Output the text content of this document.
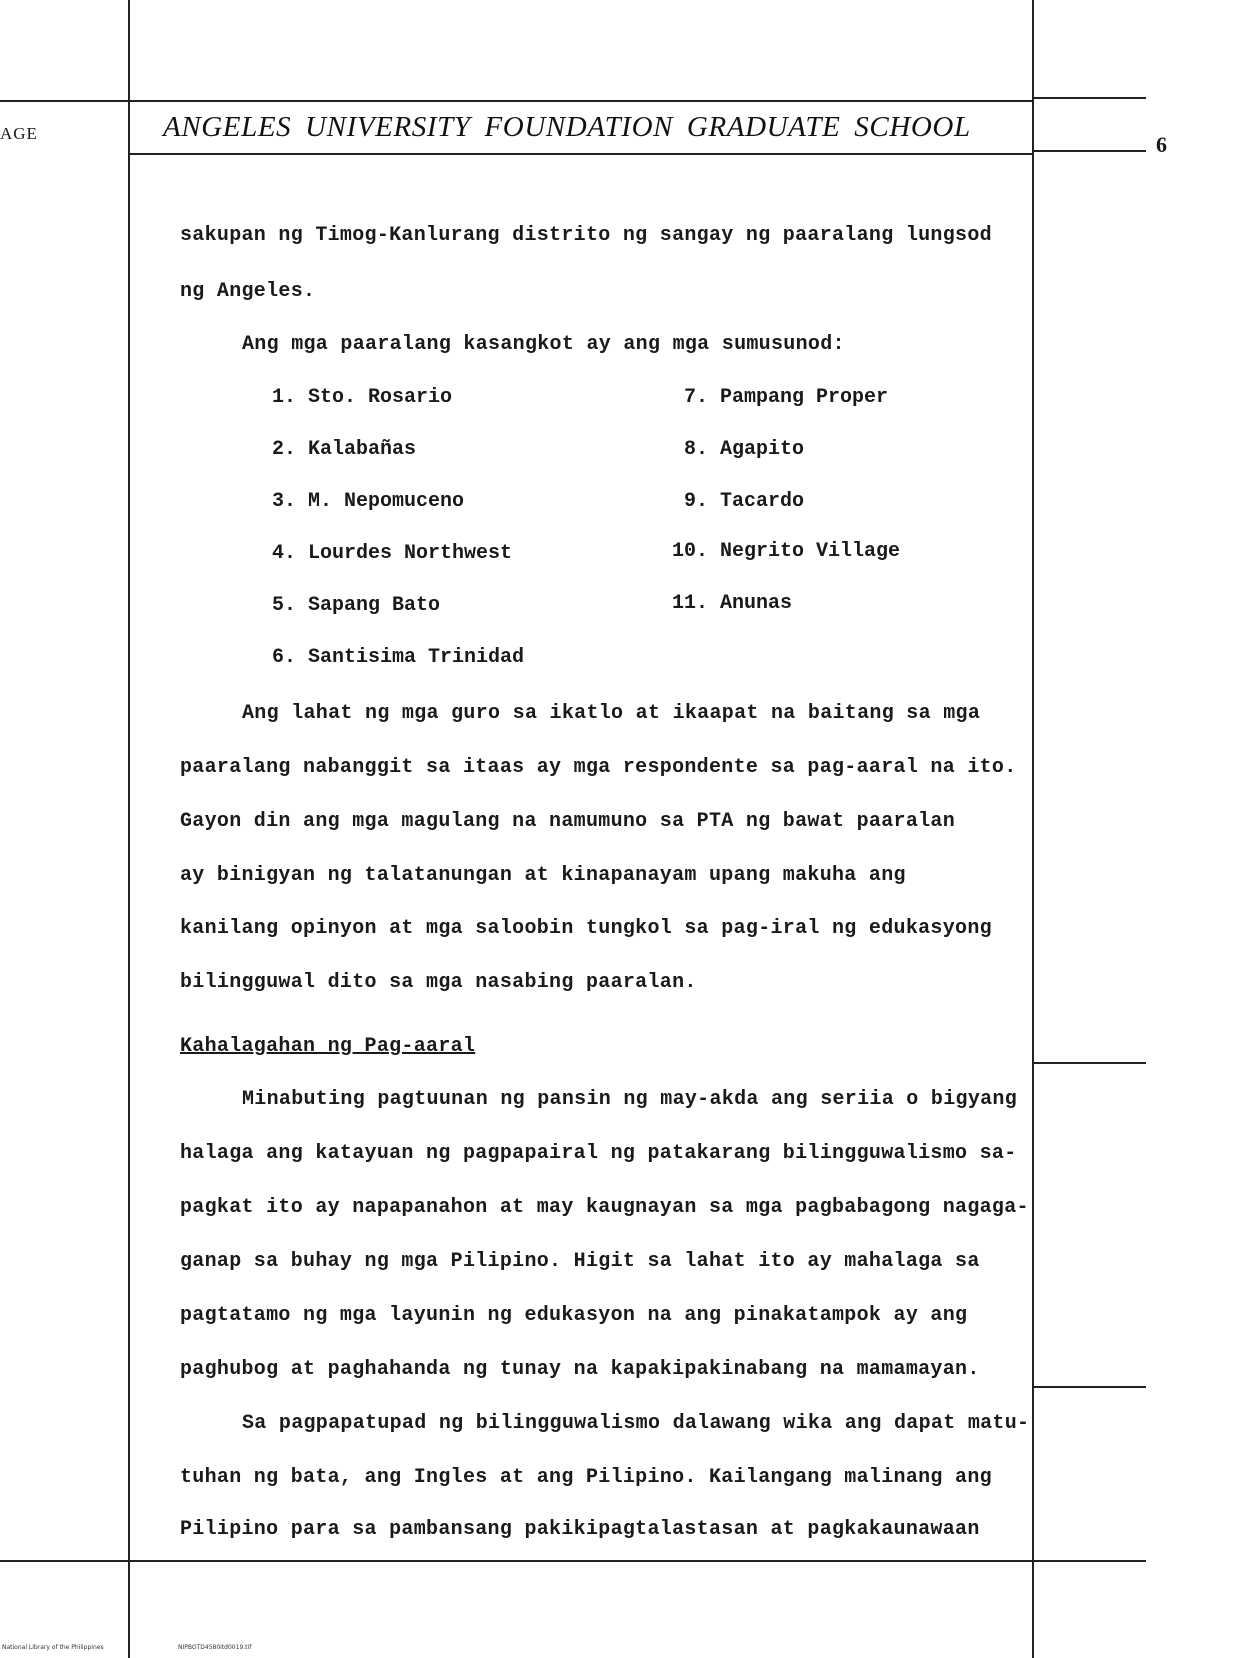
AGE	ANGELES UNIVERSITY FOUNDATION GRADUATE SCHOOL
6
sakupan ng Timog-Kanlurang distrito ng sangay ng paaralang lungsod
ng Angeles.
Ang mga paaralang kasangkot ay ang mga sumusunod:
1. Sto. Rosario
2. Kalabañas
3. M. Nepomuceno
4. Lourdes Northwest
5. Sapang Bato
6. Santisima Trinidad
7. Pampang Proper
8. Agapito
9. Tacardo
10. Negrito Village
11. Anunas
Ang lahat ng mga guro sa ikatlo at ikaapat na baitang sa mga
paaralang nabanggit sa itaas ay mga respondente sa pag-aaral na ito.
Gayon din ang mga magulang na namumuno sa PTA ng bawat paaralan
ay binigyan ng talatanungan at kinapanayam upang makuha ang
kanilang opinyon at mga saloobin tungkol sa pag-iral ng edukasyong
bilingguwal dito sa mga nasabing paaralan.
Kahalagahan ng Pag-aaral
Minabuting pagtuunan ng pansin ng may-akda ang seriia o bigyang
halaga ang katayuan ng pagpapairal ng patakarang bilingguwalismo sa-
pagkat ito ay napapanahon at may kaugnayan sa mga pagbabagong nagaga-
ganap sa buhay ng mga Pilipino. Higit sa lahat ito ay mahalaga sa
pagtatamo ng mga layunin ng edukasyon na ang pinakatampok ay ang
paghubog at paghahanda ng tunay na kapakipakinabang na mamamayan.
Sa pagpapatupad ng bilingguwalismo dalawang wika ang dapat matu-
tuhan ng bata, ang Ingles at ang Pilipino. Kailangang malinang ang
Pilipino para sa pambansang pakikipagtalastasan at pagkakaunawaan
National Library of the Philippines	NIPBOTD4580itd0019.tif
